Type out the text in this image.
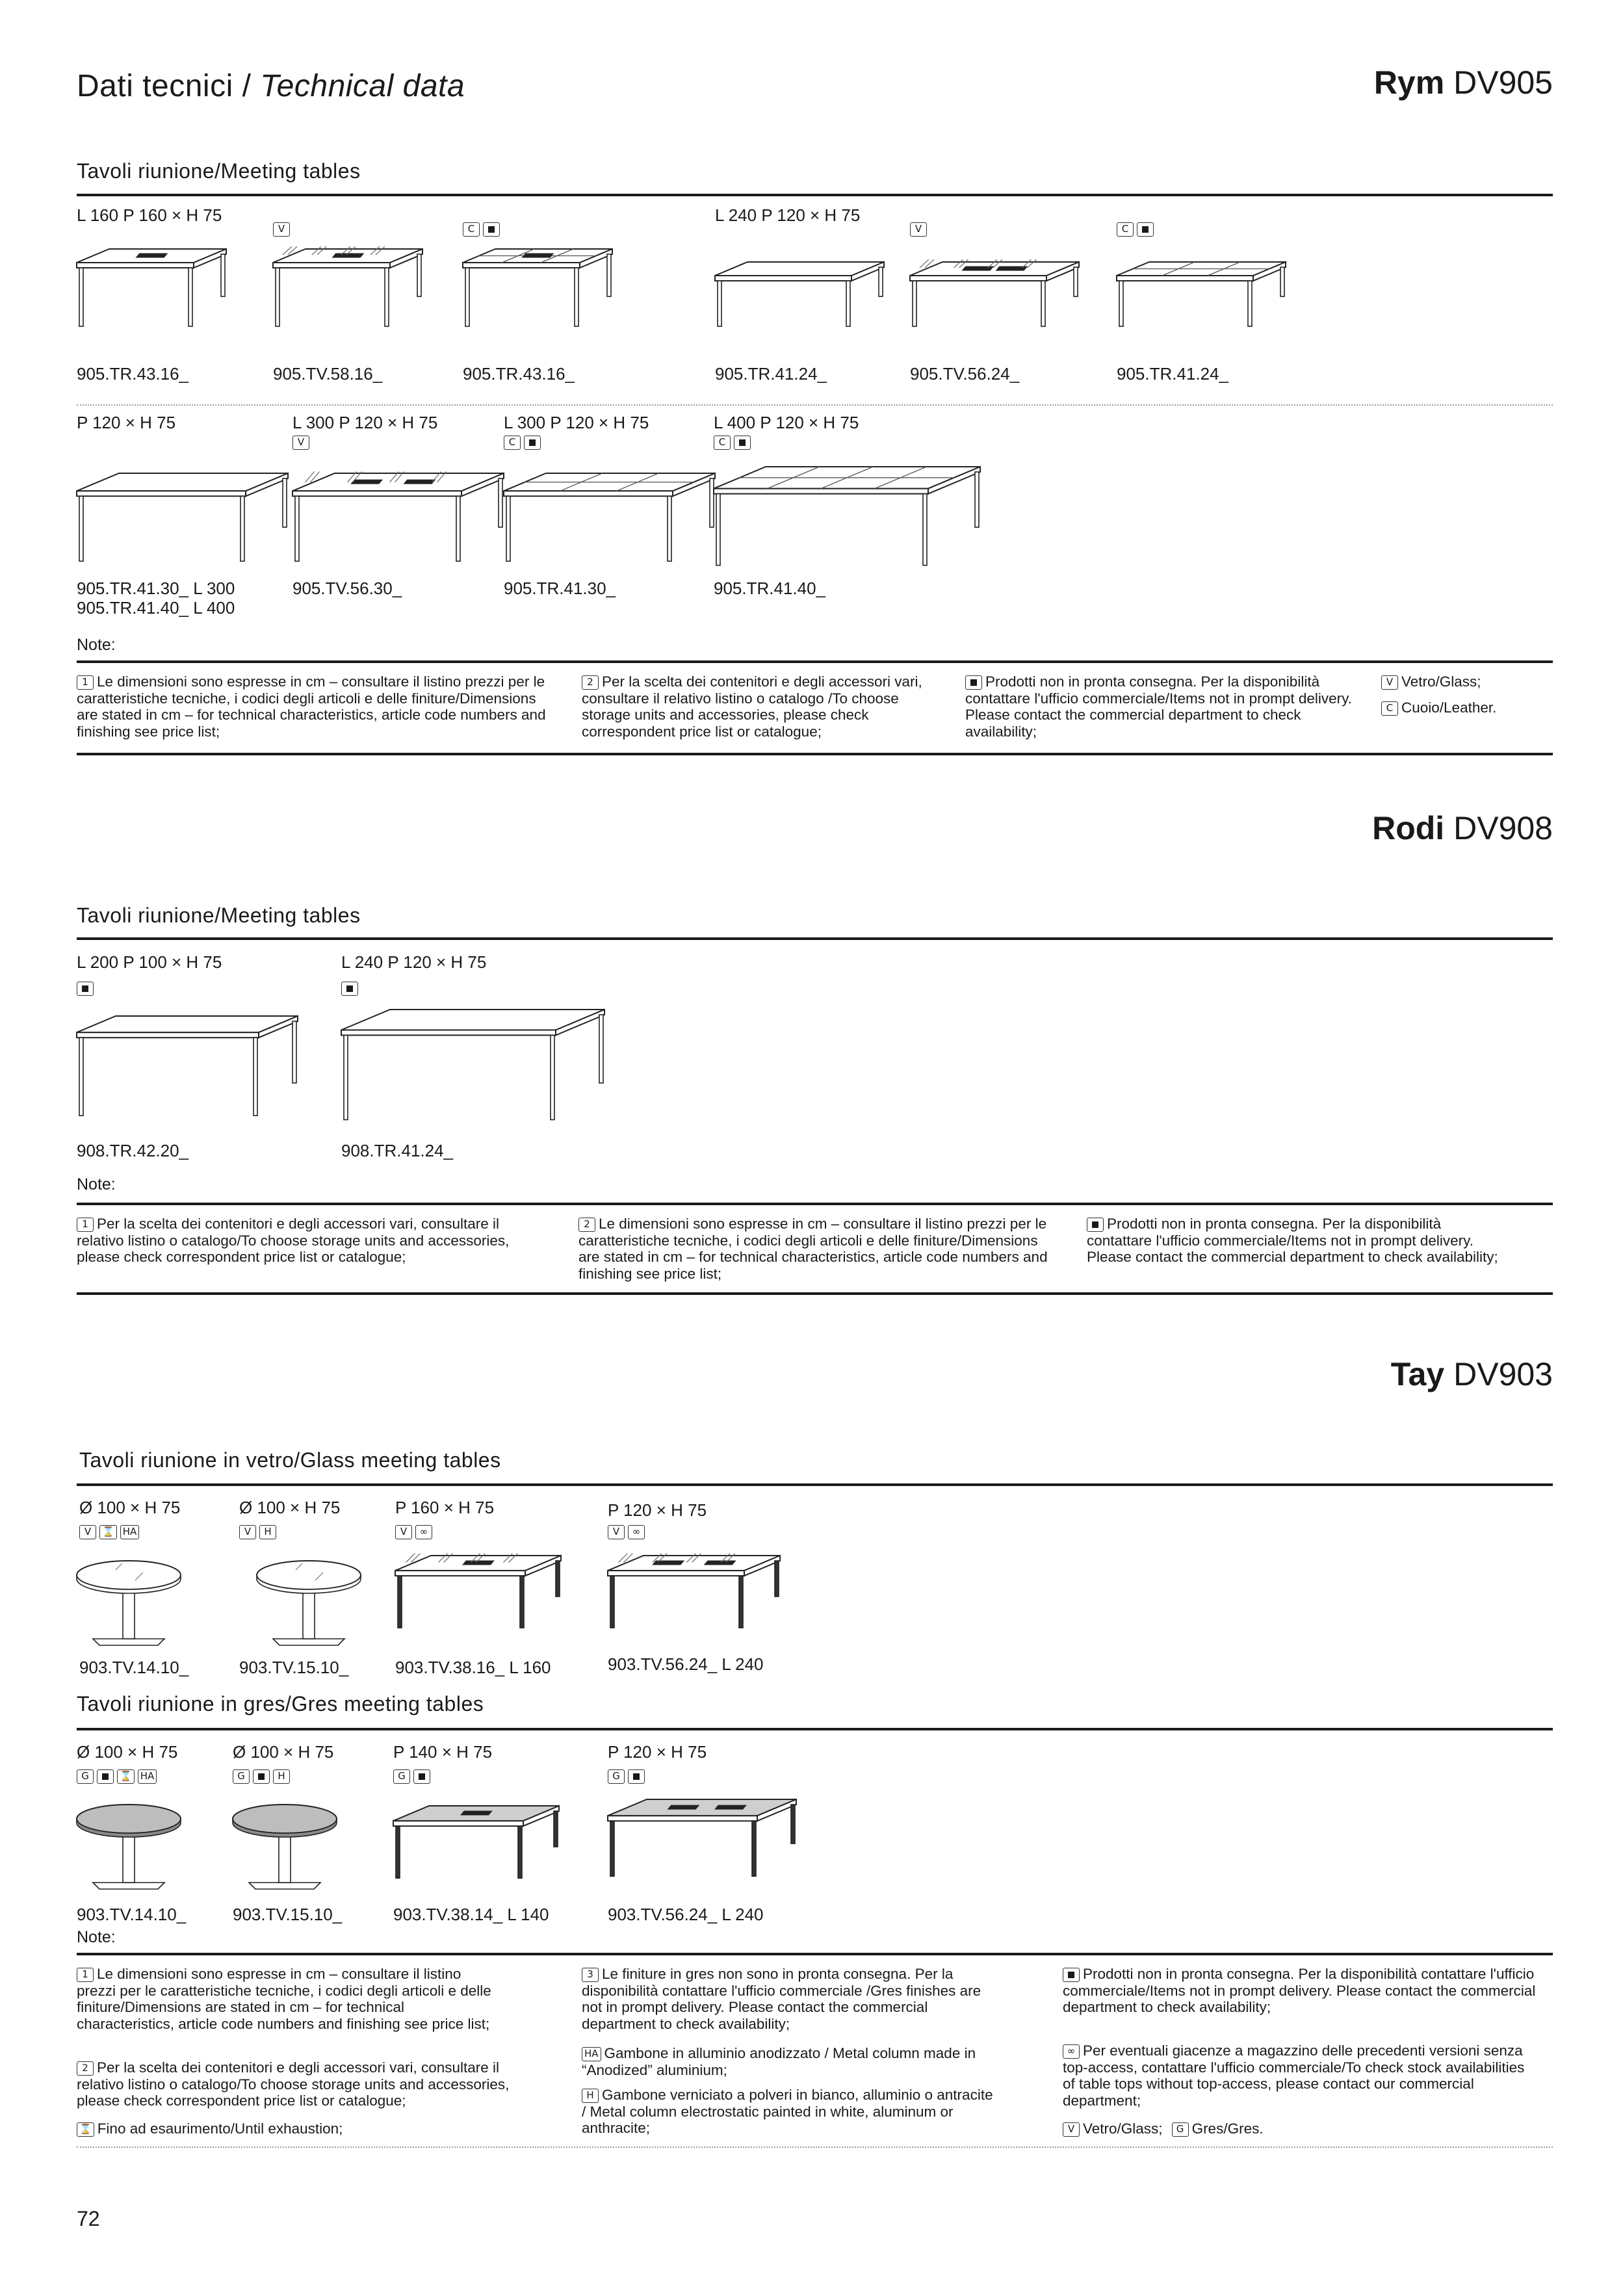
Dati tecnici / Technical data	Rym DV905
Tavoli riunione/Meeting tables
L 160 P 160 × H 75
905.TR.43.16_
V
905.TV.58.16_
C
905.TR.43.16_
L 240 P 120 × H 75
905.TR.41.24_
V
905.TV.56.24_
C
905.TR.41.24_
P 120 × H 75
905.TR.41.30_ L 300
905.TR.41.40_ L 400
L 300 P 120 × H 75
V
905.TV.56.30_
L 300 P 120 × H 75
C
905.TR.41.30_
L 400 P 120 × H 75
C
905.TR.41.40_
Note:
1 Le dimensioni sono espresse in cm – consultare il listino prezzi per le caratteristiche tecniche, i codici degli articoli e delle finiture/Dimensions are stated in cm – for technical characteristics, article code numbers and finishing see price list;
2 Per la scelta dei contenitori e degli accessori vari, consultare il relativo listino o catalogo /To choose storage units and accessories, please check correspondent price list or catalogue;
Prodotti non in pronta consegna. Per la disponibilità contattare l'ufficio commerciale/Items not in prompt delivery. Please contact the commercial department to check availability;
V Vetro/Glass;
C Cuoio/Leather.
Rodi DV908
Tavoli riunione/Meeting tables
L 200 P 100 × H 75
908.TR.42.20_
L 240 P 120 × H 75
908.TR.41.24_
Note:
1 Per la scelta dei contenitori e degli accessori vari, consultare il relativo listino o catalogo/To choose storage units and accessories, please check correspondent price list or catalogue;
2 Le dimensioni sono espresse in cm – consultare il listino prezzi per le caratteristiche tecniche, i codici degli articoli e delle finiture/Dimensions are stated in cm – for technical characteristics, article code numbers and finishing see price list;
Prodotti non in pronta consegna. Per la disponibilità contattare l'ufficio commerciale/Items not in prompt delivery. Please contact the commercial department to check availability;
Tay DV903
Tavoli riunione in vetro/Glass meeting tables
Ø 100 × H 75
V ⌛ HA
903.TV.14.10_
Ø 100 × H 75
V H
903.TV.15.10_
P 160 × H 75
V ∞
903.TV.38.16_ L 160
P 120 × H 75
V ∞
903.TV.56.24_ L 240
Tavoli riunione in gres/Gres meeting tables
Ø 100 × H 75
G	⌛ HA
903.TV.14.10_
Ø 100 × H 75
G	H
903.TV.15.10_
P 140 × H 75
G
903.TV.38.14_ L 140
P 120 × H 75
G
903.TV.56.24_ L 240
Note:
1 Le dimensioni sono espresse in cm – consultare il listino prezzi per le caratteristiche tecniche, i codici degli articoli e delle finiture/Dimensions are stated in cm – for technical characteristics, article code numbers and finishing see price list;
2 Per la scelta dei contenitori e degli accessori vari, consultare il relativo listino o catalogo/To choose storage units and accessories, please check correspondent price list or catalogue;
⌛ Fino ad esaurimento/Until exhaustion;
3 Le finiture in gres non sono in pronta consegna. Per la disponibilità contattare l'ufficio commerciale /Gres finishes are not in prompt delivery. Please contact the commercial department to check availability;
HA Gambone in alluminio anodizzato / Metal column made in “Anodized” aluminium;
H Gambone verniciato a polveri in bianco, alluminio o antracite / Metal column electrostatic painted in white, aluminum or anthracite;
Prodotti non in pronta consegna. Per la disponibilità contattare l'ufficio commerciale/Items not in prompt delivery. Please contact the commercial department to check availability;
∞ Per eventuali giacenze a magazzino delle precedenti versioni senza top-access, contattare l'ufficio commerciale/To check stock availabilities of table tops without top-access, please contact our commercial department;
V Vetro/Glass; G Gres/Gres.
72
